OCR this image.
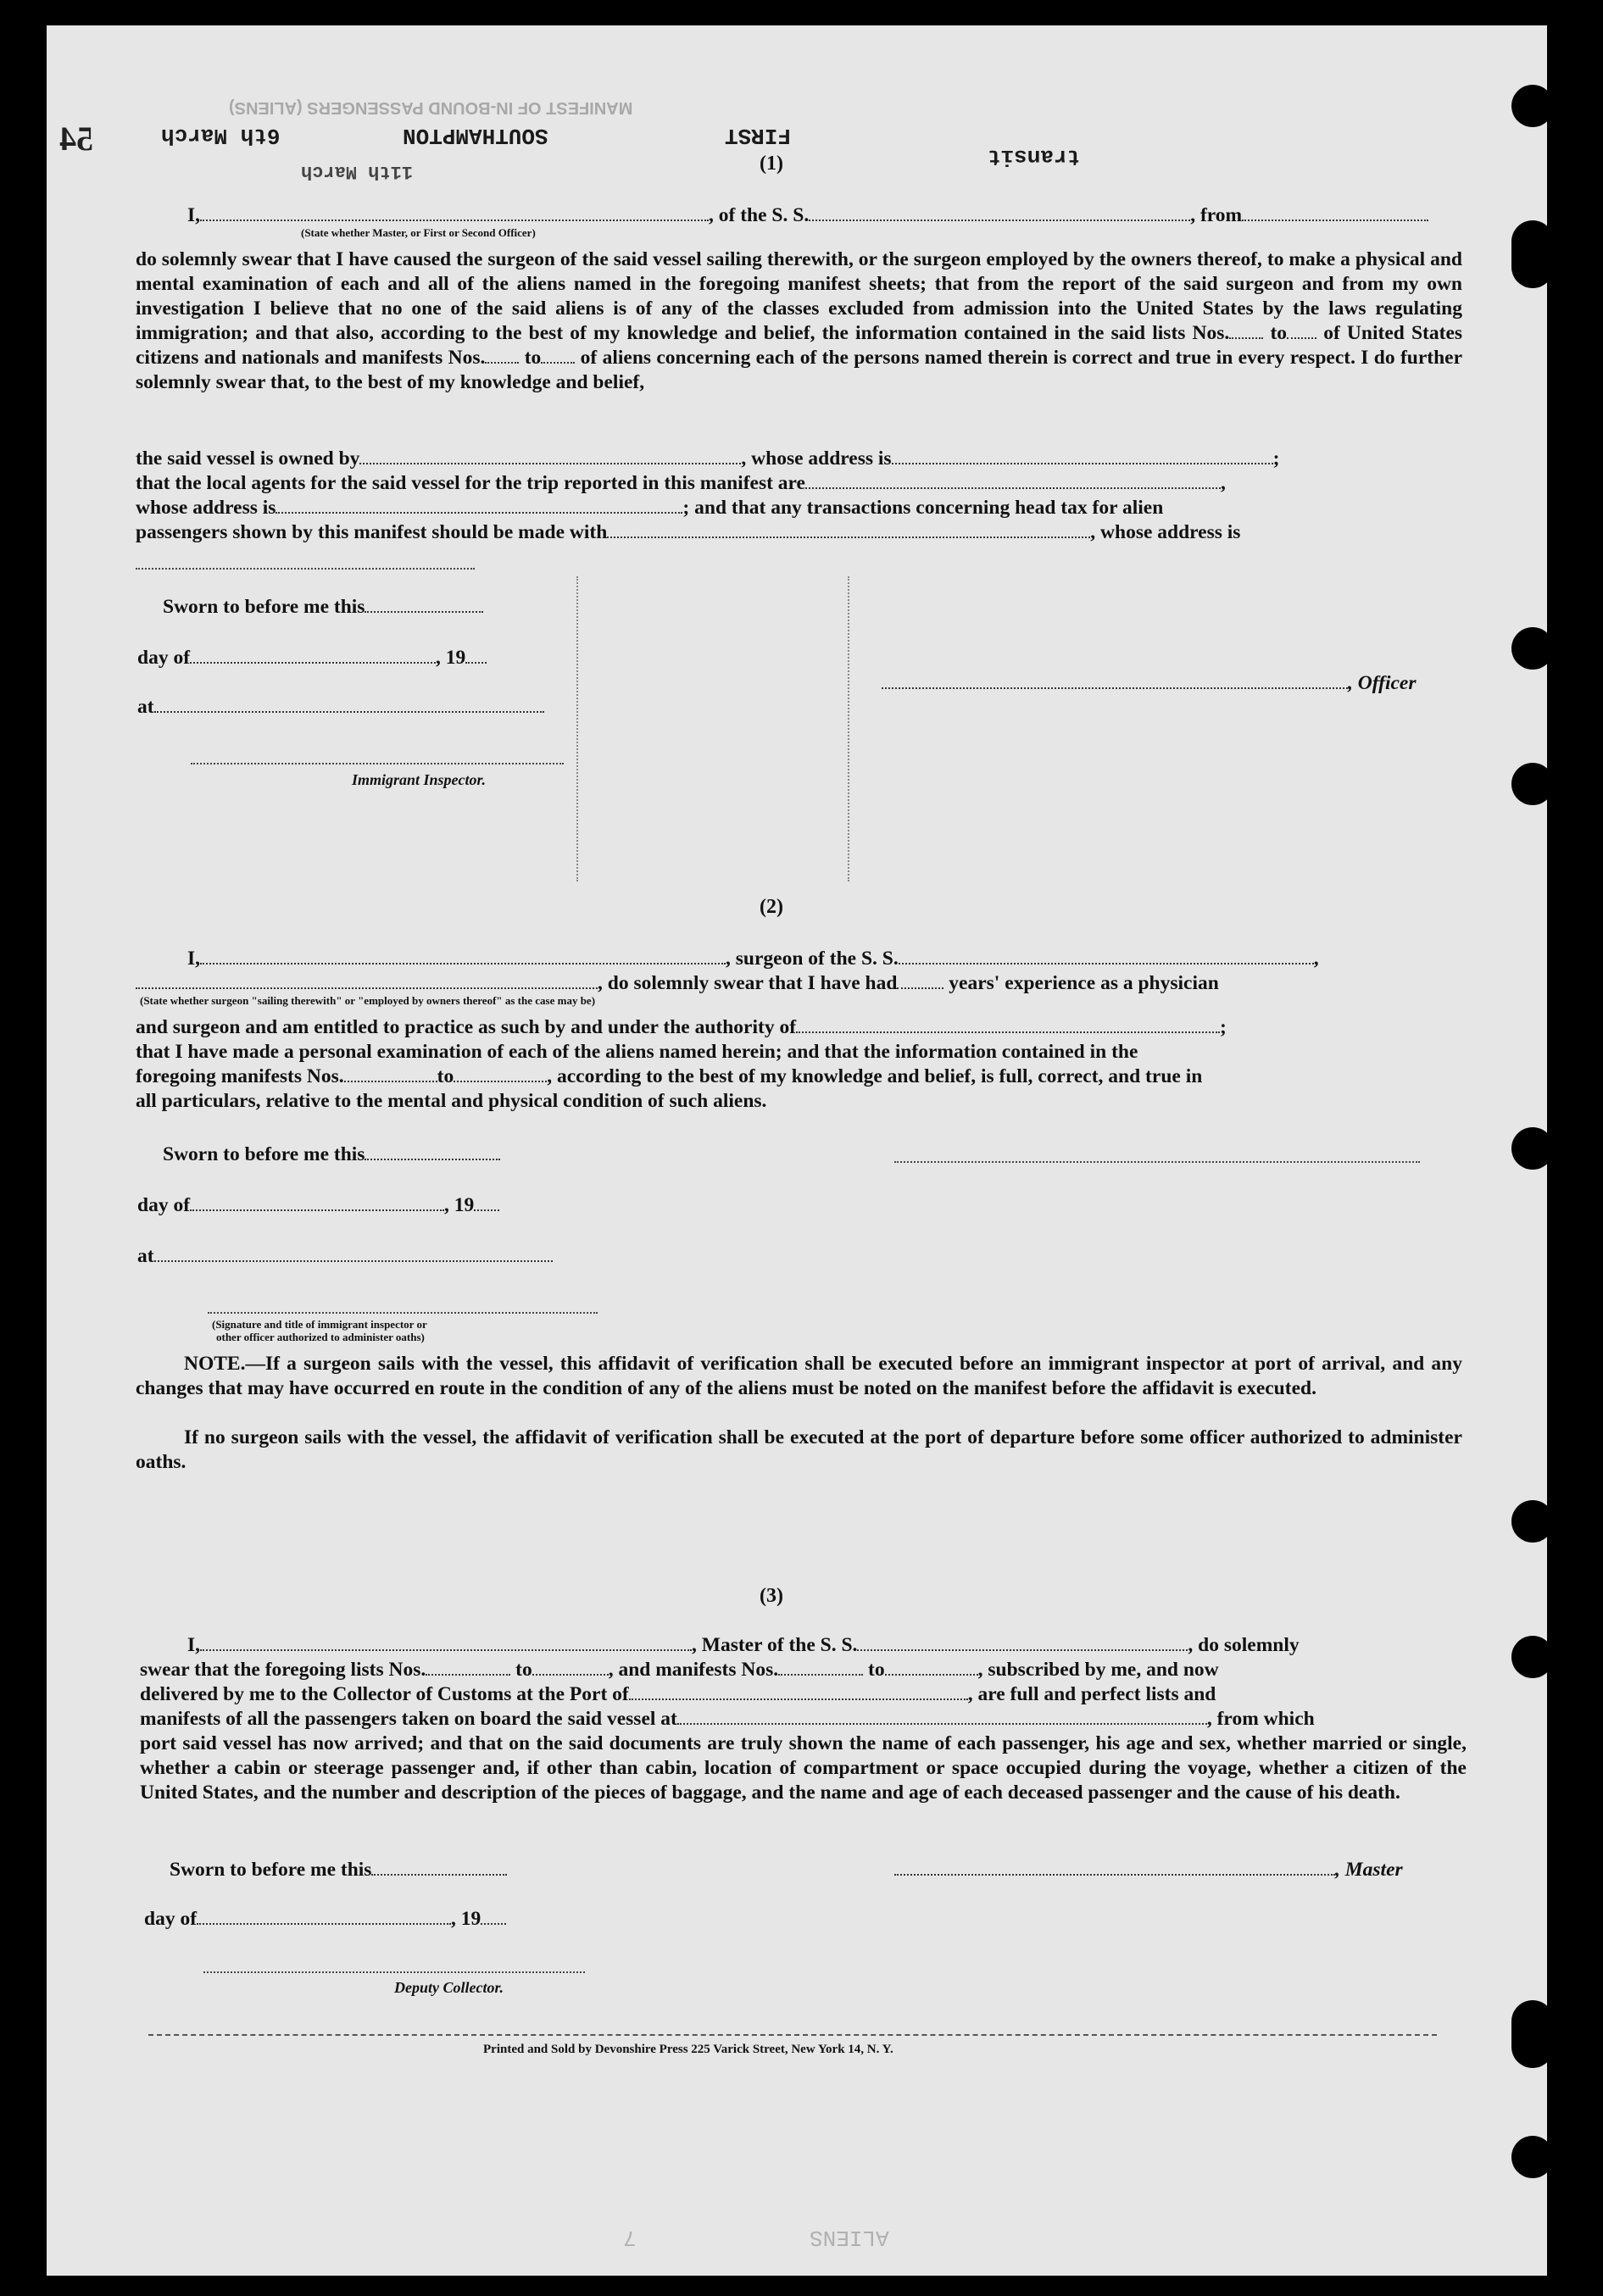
54	6th March	SOUTHAMPTON	FIRST
transit
11th March
MANIFEST OF IN-BOUND PASSENGERS (ALIENS)
ALIENS
7
(1)
I,	, of the S. S.	, from
(State whether Master, or First or Second Officer)
do solemnly swear that I have caused the surgeon of the said vessel sailing therewith, or the surgeon employed by the owners thereof, to make a physical and mental examination of each and all of the aliens named in the foregoing manifest sheets; that from the report of the said surgeon and from my own investigation I believe that no one of the said aliens is of any of the classes excluded from admission into the United States by the laws regulating immigration; and that also, according to the best of my knowledge and belief, the information contained in the said lists Nos. to of United States citizens and nationals and manifests Nos. to of aliens concerning each of the persons named therein is correct and true in every respect. I do further solemnly swear that, to the best of my knowledge and belief,
the said vessel is owned by	, whose address is	;
that the local agents for the said vessel for the trip reported in this manifest are	,
whose address is	; and that any transactions concerning head tax for alien
passengers shown by this manifest should be made with	, whose address is
Sworn to before me this
day of	, 19
at
, Officer
Immigrant Inspector.
(2)
I,	, surgeon of the S. S.	,
, do solemnly swear that I have had	years' experience as a physician
(State whether surgeon "sailing therewith" or "employed by owners thereof" as the case may be)
and surgeon and am entitled to practice as such by and under the authority of	;
that I have made a personal examination of each of the aliens named herein; and that the information contained in the
foregoing manifests Nos.	to	, according to the best of my knowledge and belief, is full, correct, and true in
all particulars, relative to the mental and physical condition of such aliens.
Sworn to before me this
day of	, 19
at
(Signature and title of immigrant inspector or
other officer authorized to administer oaths)
NOTE.—If a surgeon sails with the vessel, this affidavit of verification shall be executed before an immigrant inspector at port of arrival, and any changes that may have occurred en route in the condition of any of the aliens must be noted on the manifest before the affidavit is executed.
If no surgeon sails with the vessel, the affidavit of verification shall be executed at the port of departure before some officer authorized to administer oaths.
(3)
I,	, Master of the S. S.	, do solemnly
swear that the foregoing lists Nos.	to	, and manifests Nos.	to	, subscribed by me, and now
delivered by me to the Collector of Customs at the Port of	, are full and perfect lists and
manifests of all the passengers taken on board the said vessel at	, from which
port said vessel has now arrived; and that on the said documents are truly shown the name of each passenger, his age and sex, whether married or single, whether a cabin or steerage passenger and, if other than cabin, location of compartment or space occupied during the voyage, whether a citizen of the United States, and the number and description of the pieces of baggage, and the name and age of each deceased passenger and the cause of his death.
Sworn to before me this	, Master
day of	, 19
Deputy Collector.
Printed and Sold by Devonshire Press 225 Varick Street, New York 14, N. Y.
